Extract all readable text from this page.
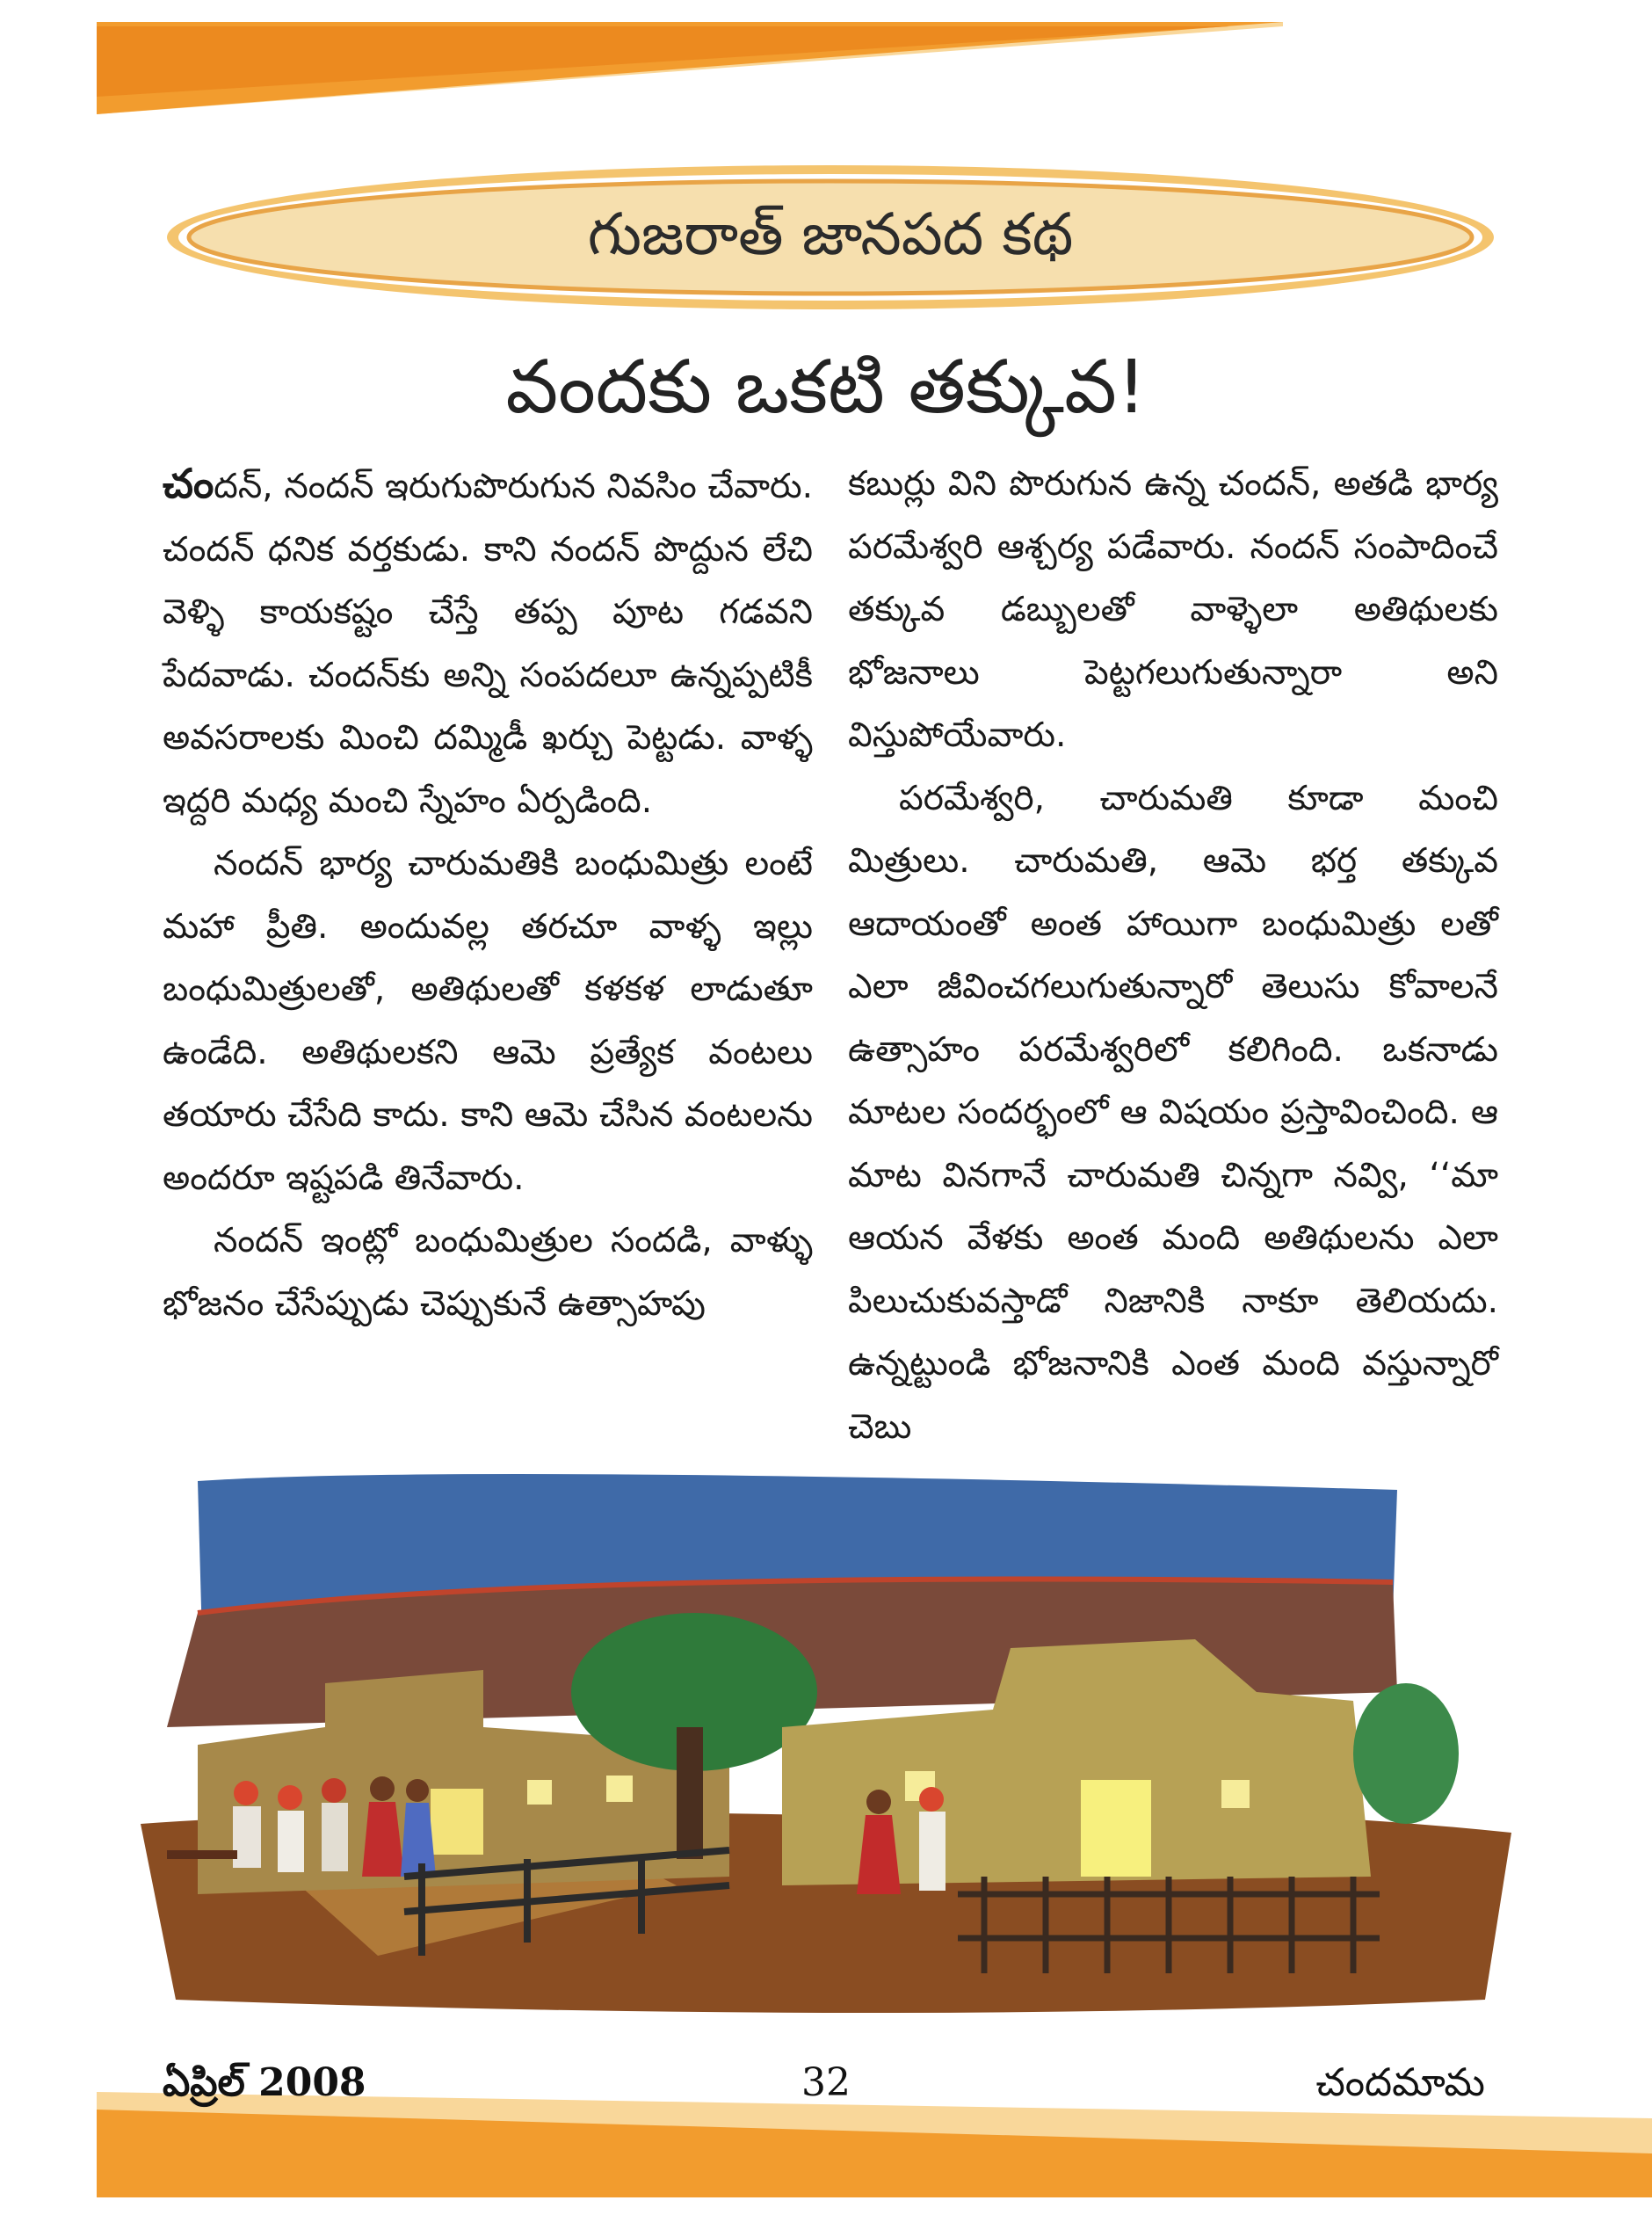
గుజరాత్ జానపద కథ
వందకు ఒకటి తక్కువ!

చందన్, నందన్ ఇరుగుపొరుగున నివసిం చేవారు. చందన్ ధనిక వర్తకుడు. కాని నందన్ పొద్దున లేచి వెళ్ళి కాయకష్టం చేస్తే తప్ప పూట గడవని పేదవాడు. చందన్‌కు అన్ని సంపదలూ ఉన్నప్పటికీ అవసరాలకు మించి దమ్మిడీ ఖర్చు పెట్టడు. వాళ్ళ ఇద్దరి మధ్య మంచి స్నేహం ఏర్పడింది.

నందన్ భార్య చారుమతికి బంధుమిత్రు లంటే మహా ప్రీతి. అందువల్ల తరచూ వాళ్ళ ఇల్లు బంధుమిత్రులతో, అతిథులతో కళకళ లాడుతూ ఉండేది. అతిథులకని ఆమె ప్రత్యేక వంటలు తయారు చేసేది కాదు. కాని ఆమె చేసిన వంటలను అందరూ ఇష్టపడి తినేవారు.

నందన్ ఇంట్లో బంధుమిత్రుల సందడి, వాళ్ళు భోజనం చేసేప్పుడు చెప్పుకునే ఉత్సాహపు

కబుర్లు విని పొరుగున ఉన్న చందన్, అతడి భార్య పరమేశ్వరి ఆశ్చర్య పడేవారు. నందన్ సంపాదించే తక్కువ డబ్బులతో వాళ్ళెలా అతిథులకు భోజనాలు పెట్టగలుగుతున్నారా అని విస్తుపోయేవారు.

పరమేశ్వరి, చారుమతి కూడా మంచి మిత్రులు. చారుమతి, ఆమె భర్త తక్కువ ఆదాయంతో అంత హాయిగా బంధుమిత్రు లతో ఎలా జీవించగలుగుతున్నారో తెలుసు కోవాలనే ఉత్సాహం పరమేశ్వరిలో కలిగింది. ఒకనాడు మాటల సందర్భంలో ఆ విషయం ప్రస్తావించింది. ఆ మాట వినగానే చారుమతి చిన్నగా నవ్వి, ‘‘మా ఆయన వేళకు అంత మంది అతిథులను ఎలా పిలుచుకువస్తాడో నిజానికి నాకూ తెలియదు. ఉన్నట్టుండి భోజనానికి ఎంత మంది వస్తున్నారో చెబు

ఏప్రిల్ 2008	32	చందమామ
